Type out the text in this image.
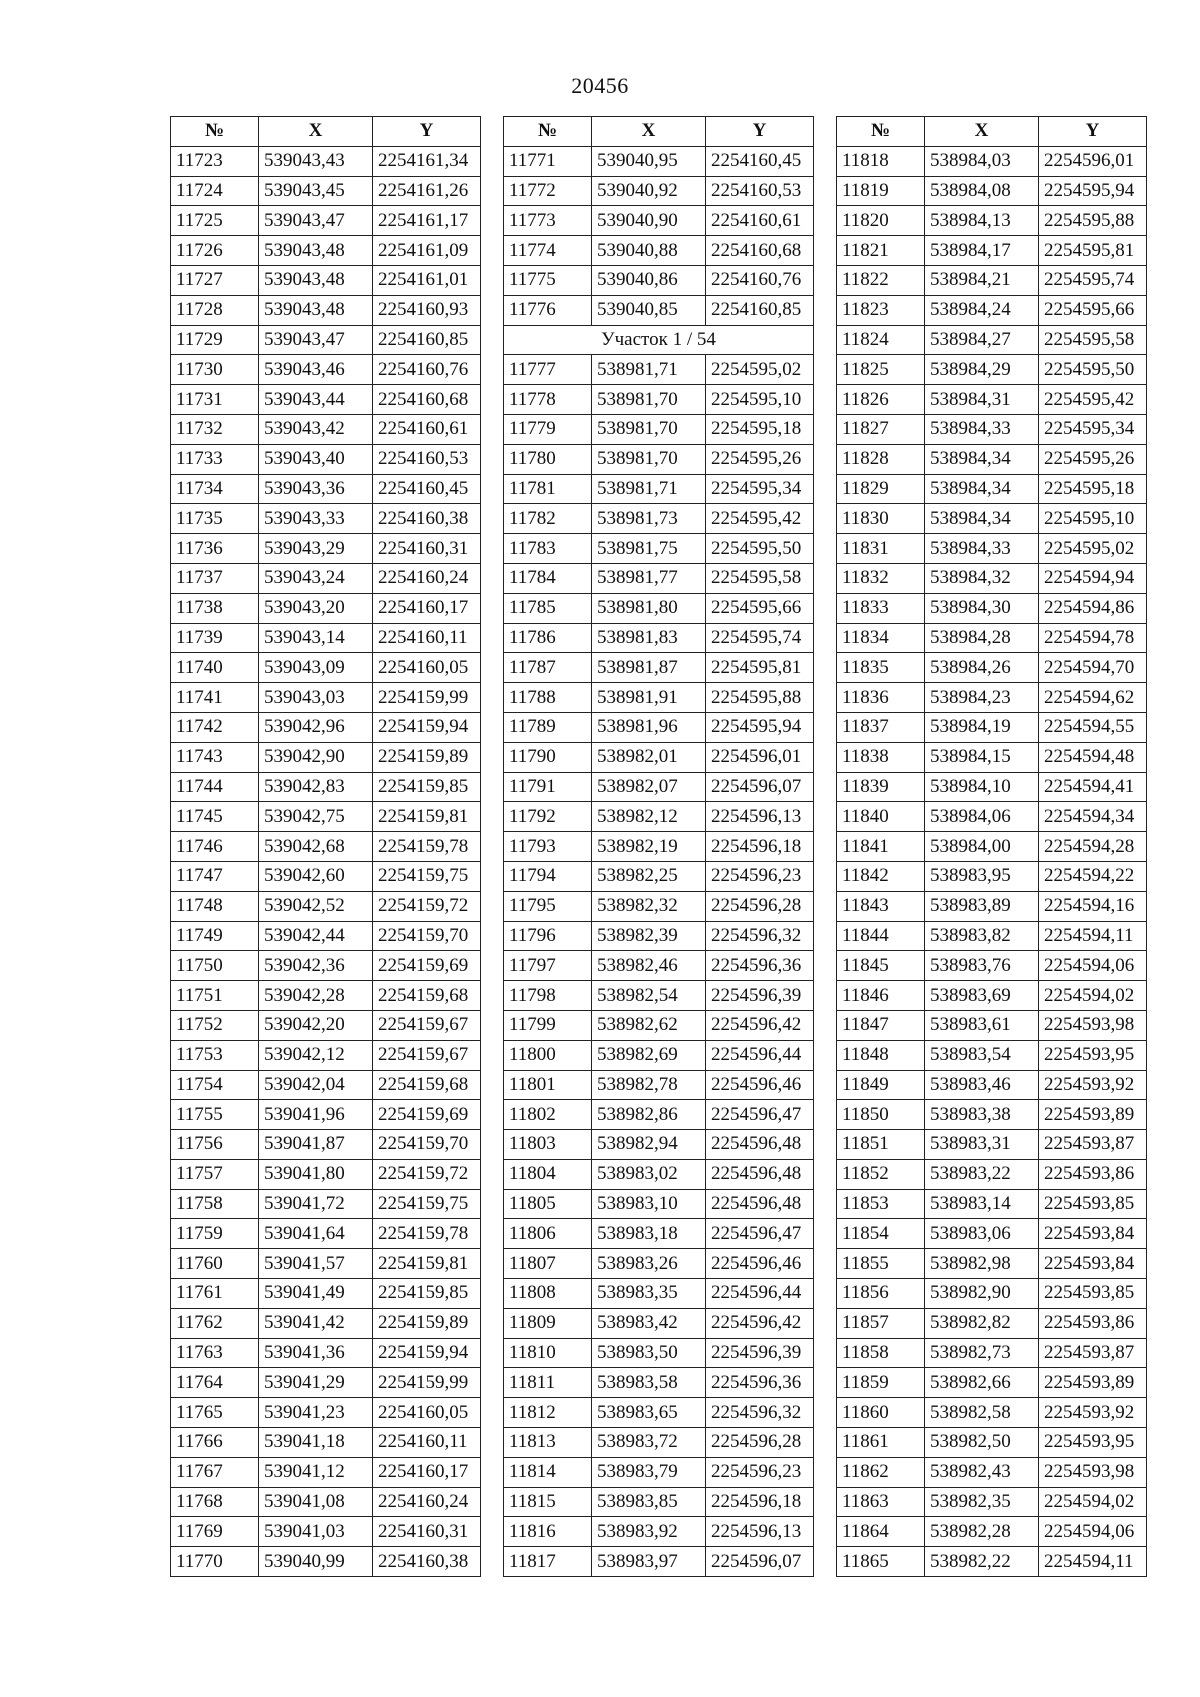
20456
№	X	Y
11723	539043,43	2254161,34
11724	539043,45	2254161,26
11725	539043,47	2254161,17
11726	539043,48	2254161,09
11727	539043,48	2254161,01
11728	539043,48	2254160,93
11729	539043,47	2254160,85
11730	539043,46	2254160,76
11731	539043,44	2254160,68
11732	539043,42	2254160,61
11733	539043,40	2254160,53
11734	539043,36	2254160,45
11735	539043,33	2254160,38
11736	539043,29	2254160,31
11737	539043,24	2254160,24
11738	539043,20	2254160,17
11739	539043,14	2254160,11
11740	539043,09	2254160,05
11741	539043,03	2254159,99
11742	539042,96	2254159,94
11743	539042,90	2254159,89
11744	539042,83	2254159,85
11745	539042,75	2254159,81
11746	539042,68	2254159,78
11747	539042,60	2254159,75
11748	539042,52	2254159,72
11749	539042,44	2254159,70
11750	539042,36	2254159,69
11751	539042,28	2254159,68
11752	539042,20	2254159,67
11753	539042,12	2254159,67
11754	539042,04	2254159,68
11755	539041,96	2254159,69
11756	539041,87	2254159,70
11757	539041,80	2254159,72
11758	539041,72	2254159,75
11759	539041,64	2254159,78
11760	539041,57	2254159,81
11761	539041,49	2254159,85
11762	539041,42	2254159,89
11763	539041,36	2254159,94
11764	539041,29	2254159,99
11765	539041,23	2254160,05
11766	539041,18	2254160,11
11767	539041,12	2254160,17
11768	539041,08	2254160,24
11769	539041,03	2254160,31
11770	539040,99	2254160,38
№	X	Y
11771	539040,95	2254160,45
11772	539040,92	2254160,53
11773	539040,90	2254160,61
11774	539040,88	2254160,68
11775	539040,86	2254160,76
11776	539040,85	2254160,85
Участок 1 / 54		
11777	538981,71	2254595,02
11778	538981,70	2254595,10
11779	538981,70	2254595,18
11780	538981,70	2254595,26
11781	538981,71	2254595,34
11782	538981,73	2254595,42
11783	538981,75	2254595,50
11784	538981,77	2254595,58
11785	538981,80	2254595,66
11786	538981,83	2254595,74
11787	538981,87	2254595,81
11788	538981,91	2254595,88
11789	538981,96	2254595,94
11790	538982,01	2254596,01
11791	538982,07	2254596,07
11792	538982,12	2254596,13
11793	538982,19	2254596,18
11794	538982,25	2254596,23
11795	538982,32	2254596,28
11796	538982,39	2254596,32
11797	538982,46	2254596,36
11798	538982,54	2254596,39
11799	538982,62	2254596,42
11800	538982,69	2254596,44
11801	538982,78	2254596,46
11802	538982,86	2254596,47
11803	538982,94	2254596,48
11804	538983,02	2254596,48
11805	538983,10	2254596,48
11806	538983,18	2254596,47
11807	538983,26	2254596,46
11808	538983,35	2254596,44
11809	538983,42	2254596,42
11810	538983,50	2254596,39
11811	538983,58	2254596,36
11812	538983,65	2254596,32
11813	538983,72	2254596,28
11814	538983,79	2254596,23
11815	538983,85	2254596,18
11816	538983,92	2254596,13
11817	538983,97	2254596,07
№	X	Y
11818	538984,03	2254596,01
11819	538984,08	2254595,94
11820	538984,13	2254595,88
11821	538984,17	2254595,81
11822	538984,21	2254595,74
11823	538984,24	2254595,66
11824	538984,27	2254595,58
11825	538984,29	2254595,50
11826	538984,31	2254595,42
11827	538984,33	2254595,34
11828	538984,34	2254595,26
11829	538984,34	2254595,18
11830	538984,34	2254595,10
11831	538984,33	2254595,02
11832	538984,32	2254594,94
11833	538984,30	2254594,86
11834	538984,28	2254594,78
11835	538984,26	2254594,70
11836	538984,23	2254594,62
11837	538984,19	2254594,55
11838	538984,15	2254594,48
11839	538984,10	2254594,41
11840	538984,06	2254594,34
11841	538984,00	2254594,28
11842	538983,95	2254594,22
11843	538983,89	2254594,16
11844	538983,82	2254594,11
11845	538983,76	2254594,06
11846	538983,69	2254594,02
11847	538983,61	2254593,98
11848	538983,54	2254593,95
11849	538983,46	2254593,92
11850	538983,38	2254593,89
11851	538983,31	2254593,87
11852	538983,22	2254593,86
11853	538983,14	2254593,85
11854	538983,06	2254593,84
11855	538982,98	2254593,84
11856	538982,90	2254593,85
11857	538982,82	2254593,86
11858	538982,73	2254593,87
11859	538982,66	2254593,89
11860	538982,58	2254593,92
11861	538982,50	2254593,95
11862	538982,43	2254593,98
11863	538982,35	2254594,02
11864	538982,28	2254594,06
11865	538982,22	2254594,11
